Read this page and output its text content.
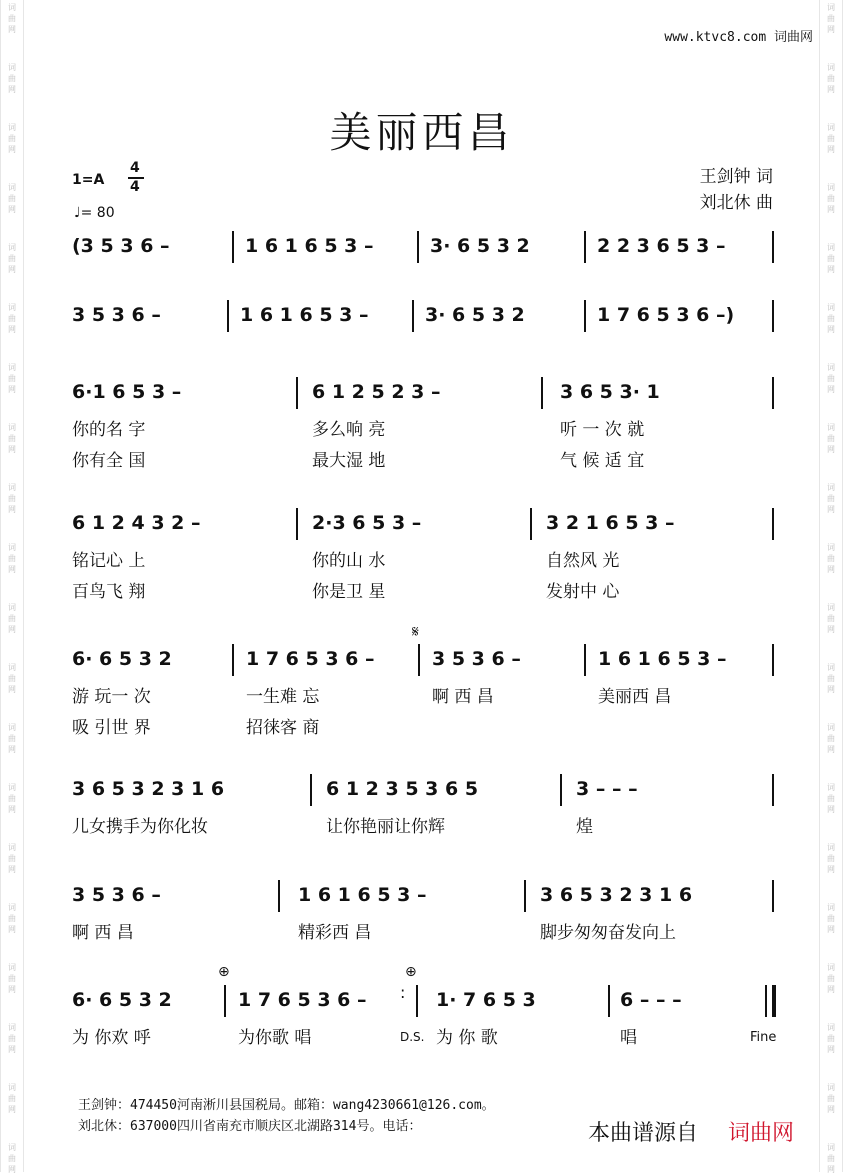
词
曲
网
词
曲
网
词
曲
网
词
曲
网
词
曲
网
词
曲
网
词
曲
网
词
曲
网
词
曲
网
词
曲
网
词
曲
网
词
曲
网
词
曲
网
词
曲
网
词
曲
网
词
曲
网
词
曲
网
词
曲
网
词
曲
网
词
曲
网
词
曲
网
词
曲
网
词
曲
网
词
曲
网
词
曲
网
词
曲
网
词
曲
网
词
曲
网
词
曲
网
词
曲
网
词
曲
网
词
曲
网
词
曲
网
词
曲
网
词
曲
网
词
曲
网
词
曲
网
词
曲
网
词
曲
网
词
曲
网
www.ktvc8.com 词曲网
美丽西昌
1=A
4
4
♩= 80
王剑钟 词
刘北休 曲
(3 5 3 6 –	1 6 1 6 5 3 –	3· 6 5 3 2	2 2 3 6 5 3 –
3 5 3 6 –	1 6 1 6 5 3 –	3· 6 5 3 2	1 7 6 5 3 6 –)
6·1 6 5 3 –	6 1 2 5 2 3 –	3 6 5 3· 1
你的名 字	多么响 亮	听 一 次 就
你有全 国	最大湿 地	气 候 适 宜
6 1 2 4 3 2 –	2·3 6 5 3 –	3 2 1 6 5 3 –
铭记心 上	你的山 水	自然风 光
百鸟飞 翔	你是卫 星	发射中 心
6· 6 5 3 2	1 7 6 5 3 6 –	3 5 3 6 –	1 6 1 6 5 3 –
游 玩一 次	一生难 忘	啊 西 昌	美丽西 昌
吸 引世 界	招徕客 商
3 6 5 3 2 3 1 6	6 1 2 3 5 3 6 5	3 – – –
儿女携手为你化妆	让你艳丽让你辉	煌
3 5 3 6 –	1 6 1 6 5 3 –	3 6 5 3 2 3 1 6
啊 西 昌	精彩西 昌	脚步匆匆奋发向上
6· 6 5 3 2	1 7 6 5 3 6 –	1· 7 6 5 3	6 – – –
为 你欢 呼	为你歌 唱	为 你 歌	唱
𝄋
⊕	⊕
D.S.	Fine
:
王剑钟：474450河南淅川县国税局。邮箱：wang4230661@126.com。
刘北休：637000四川省南充市顺庆区北湖路314号。电话：	本曲谱源自 词曲网
